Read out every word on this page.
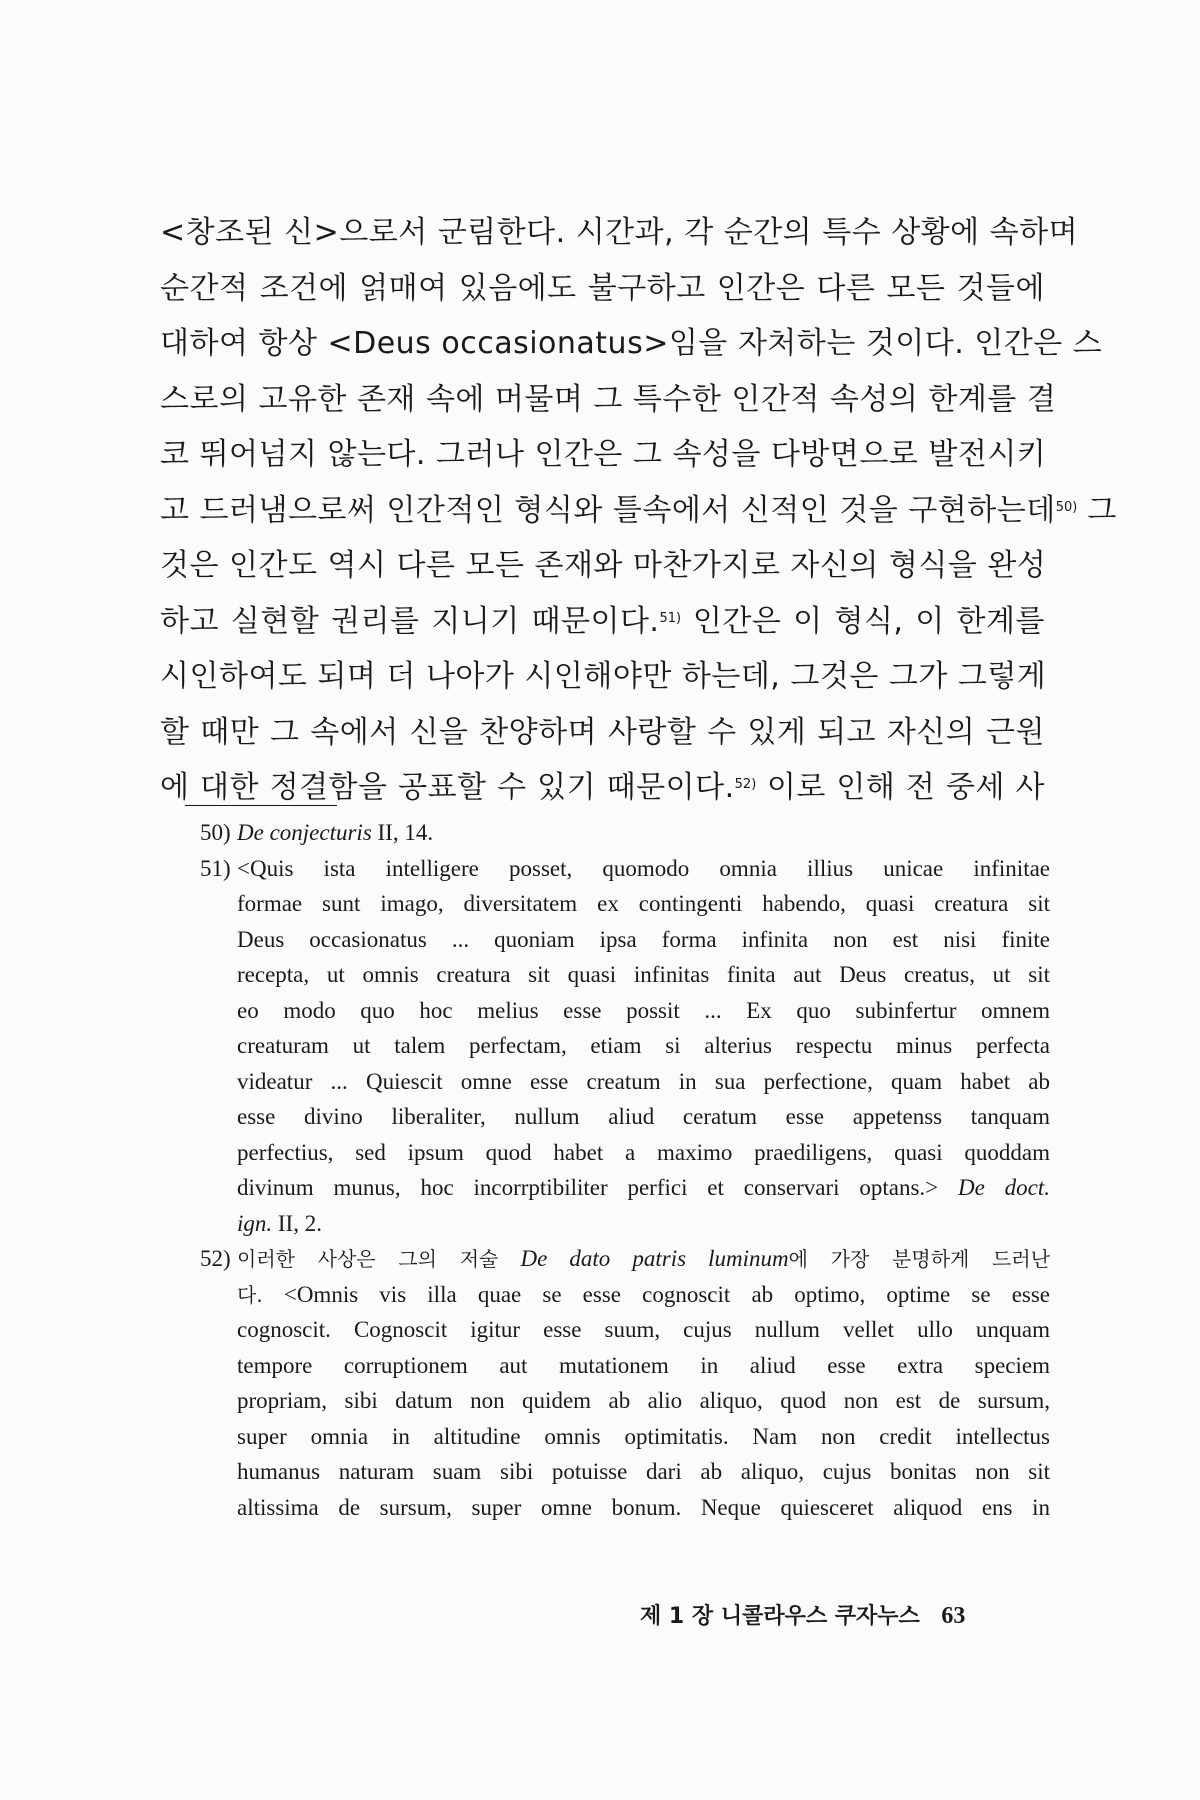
<창조된 신>으로서 군림한다. 시간과, 각 순간의 특수 상황에 속하며
순간적 조건에 얽매여 있음에도 불구하고 인간은 다른 모든 것들에
대하여 항상 <Deus occasionatus>임을 자처하는 것이다. 인간은 스
스로의 고유한 존재 속에 머물며 그 특수한 인간적 속성의 한계를 결
코 뛰어넘지 않는다. 그러나 인간은 그 속성을 다방면으로 발전시키
고 드러냄으로써 인간적인 형식와 틀속에서 신적인 것을 구현하는데$^{50)}$ 그
것은 인간도 역시 다른 모든 존재와 마찬가지로 자신의 형식을 완성
하고 실현할 권리를 지니기 때문이다.$^{51)}$ 인간은 이 형식, 이 한계를
시인하여도 되며 더 나아가 시인해야만 하는데, 그것은 그가 그렇게
할 때만 그 속에서 신을 찬양하며 사랑할 수 있게 되고 자신의 근원
에 대한 정결함을 공표할 수 있기 때문이다.$^{52)}$ 이로 인해 전 중세 사
50) De conjecturis II, 14.
51) <Quis ista intelligere posset, quomodo omnia illius unicae infinitae
formae sunt imago, diversitatem ex contingenti habendo, quasi creatura sit
Deus occasionatus ... quoniam ipsa forma infinita non est nisi finite
recepta, ut omnis creatura sit quasi infinitas finita aut Deus creatus, ut sit
eo modo quo hoc melius esse possit ... Ex quo subinfertur omnem
creaturam ut talem perfectam, etiam si alterius respectu minus perfecta
videatur ... Quiescit omne esse creatum in sua perfectione, quam habet ab
esse divino liberaliter, nullum aliud ceratum esse appetenss tanquam
perfectius, sed ipsum quod habet a maximo praediligens, quasi quoddam
divinum munus, hoc incorrptibiliter perfici et conservari optans.> De doct.
ign. II, 2.
52) 이러한 사상은 그의 저술 De dato patris luminum에 가장 분명하게 드러난
다. <Omnis vis illa quae se esse cognoscit ab optimo, optime se esse
cognoscit. Cognoscit igitur esse suum, cujus nullum vellet ullo unquam
tempore corruptionem aut mutationem in aliud esse extra speciem
propriam, sibi datum non quidem ab alio aliquo, quod non est de sursum,
super omnia in altitudine omnis optimitatis. Nam non credit intellectus
humanus naturam suam sibi potuisse dari ab aliquo, cujus bonitas non sit
altissima de sursum, super omne bonum. Neque quiesceret aliquod ens in
제 1 장 니콜라우스 쿠자누스 63
